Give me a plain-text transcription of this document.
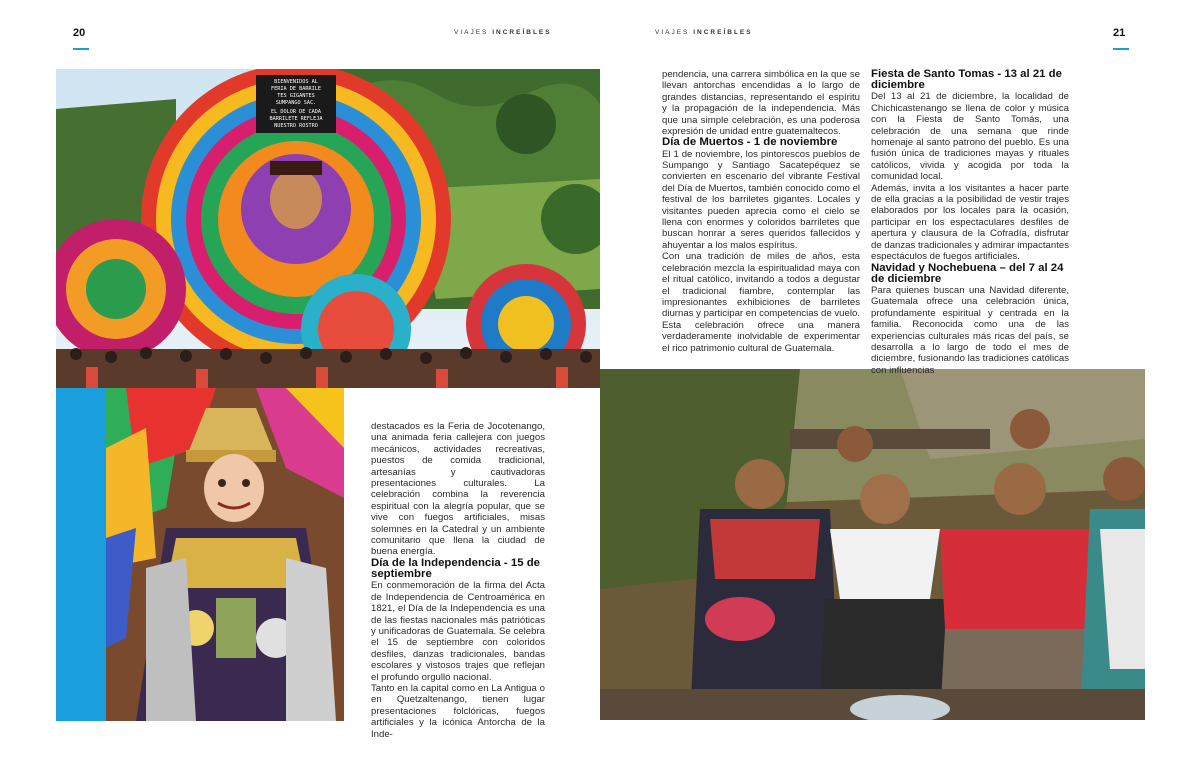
20	21
VIAJES INCREÍBLES	VIAJES INCREÍBLES
BIENVENIDOS AL
FERIA DE BARRILE
TES GIGANTES
SUMPANGO SAC.
EL DOLOR DE CADA
BARRILETE REFLEJA
NUESTRO ROSTRO

destacados es la Feria de Jocotenango, una animada feria callejera con juegos mecánicos, actividades recreativas, puestos de comida tradicional, artesanías y cautivadoras presentaciones culturales. La celebración combina la reverencia espiritual con la alegría popular, que se vive con fuegos artificiales, misas solemnes en la Catedral y un ambiente comunitario que llena la ciudad de buena energía.

Día de la Independencia - 15 de septiembre

En conmemoración de la firma del Acta de Independencia de Centroamérica en 1821, el Día de la Independencia es una de las fiestas nacionales más patrióticas y unificadoras de Guatemala. Se celebra el 15 de septiembre con coloridos desfiles, danzas tradicionales, bandas escolares y vistosos trajes que reflejan el profundo orgullo nacional.

Tanto en la capital como en La Antigua o en Quetzaltenango, tienen lugar presentaciones folclóricas, fuegos artificiales y la icónica Antorcha de la Inde-

pendencia, una carrera simbólica en la que se llevan antorchas encendidas a lo largo de grandes distancias, representando el espíritu y la propagación de la independencia. Más que una simple celebración, es una poderosa expresión de unidad entre guatemaltecos.

Día de Muertos - 1 de noviembre

El 1 de noviembre, los pintorescos pueblos de Sumpango y Santiago Sacatepéquez se convierten en escenario del vibrante Festival del Día de Muertos, también conocido como el festival de los barriletes gigantes. Locales y visitantes pueden aprecia como el cielo se llena con enormes y coloridos barriletes que buscan honrar a seres queridos fallecidos y ahuyentar a los malos espíritus.

Con una tradición de miles de años, esta celebración mezcla la espiritualidad maya con el ritual católico, invitando a todos a degustar el tradicional fiambre, contemplar las impresionantes exhibiciones de barriletes diurnas y participar en competencias de vuelo. Esta celebración ofrece una manera verdaderamente inolvidable de experimentar el rico patrimonio cultural de Guatemala.

Fiesta de Santo Tomas - 13 al 21 de diciembre

Del 13 al 21 de diciembre, la localidad de Chichicastenango se llena de color y música con la Fiesta de Santo Tomás, una celebración de una semana que rinde homenaje al santo patrono del pueblo. Es una fusión única de tradiciones mayas y rituales católicos, vivida y acogida por toda la comunidad local.

Además, invita a los visitantes a hacer parte de ella gracias a la posibilidad de vestir trajes elaborados por los locales para la ocasión, participar en los espectaculares desfiles de apertura y clausura de la Cofradía, disfrutar de danzas tradicionales y admirar impactantes espectáculos de fuegos artificiales.

Navidad y Nochebuena – del 7 al 24 de diciembre

Para quienes buscan una Navidad diferente, Guatemala ofrece una celebración única, profundamente espiritual y centrada en la familia. Reconocida como una de las experiencias culturales más ricas del país, se desarrolla a lo largo de todo el mes de diciembre, fusionando las tradiciones católicas con influencias
